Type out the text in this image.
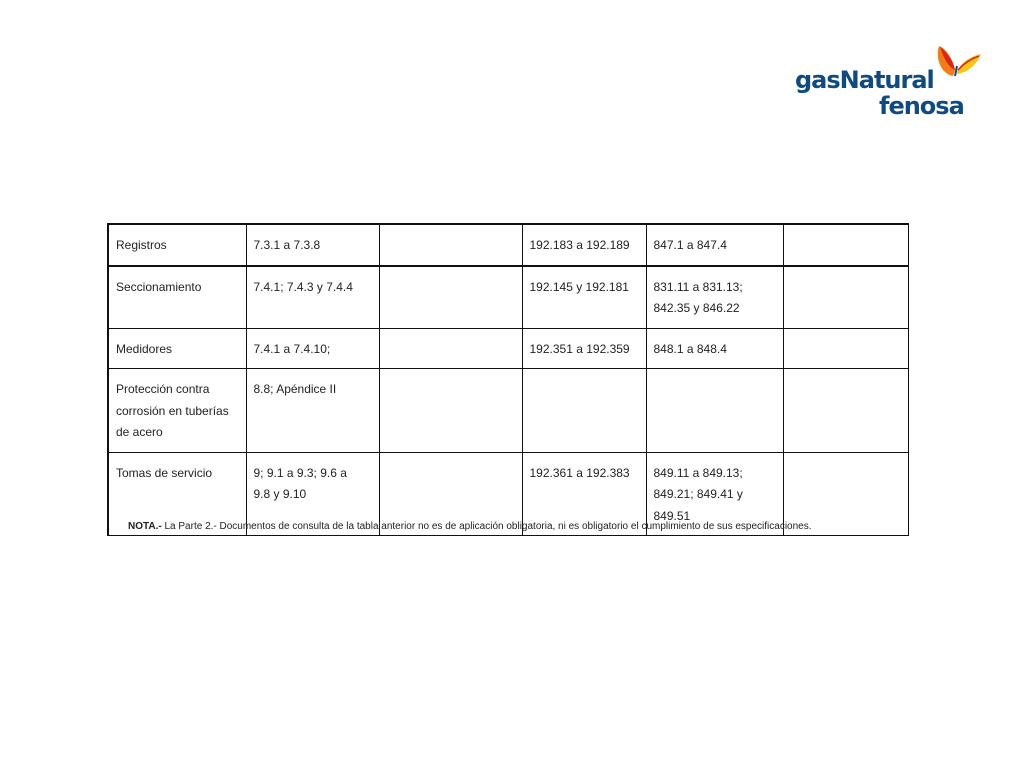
gasNatural
fenosa
Registros	7.3.1 a 7.3.8		192.183 a 192.189	847.1 a 847.4	
Seccionamiento	7.4.1; 7.4.3 y 7.4.4		192.145 y 192.181	831.11 a 831.13;
842.35 y 846.22	
Medidores	7.4.1 a 7.4.10;		192.351 a 192.359	848.1 a 848.4	
Protección contra
corrosión en tuberías
de acero	8.8; Apéndice II				
Tomas de servicio	9; 9.1 a 9.3; 9.6 a
9.8 y 9.10		192.361 a 192.383	849.11 a 849.13;
849.21; 849.41 y
849.51	
NOTA.- La Parte 2.- Documentos de consulta de la tabla anterior no es de aplicación obligatoria, ni es obligatorio el cumplimiento de sus especificaciones.
